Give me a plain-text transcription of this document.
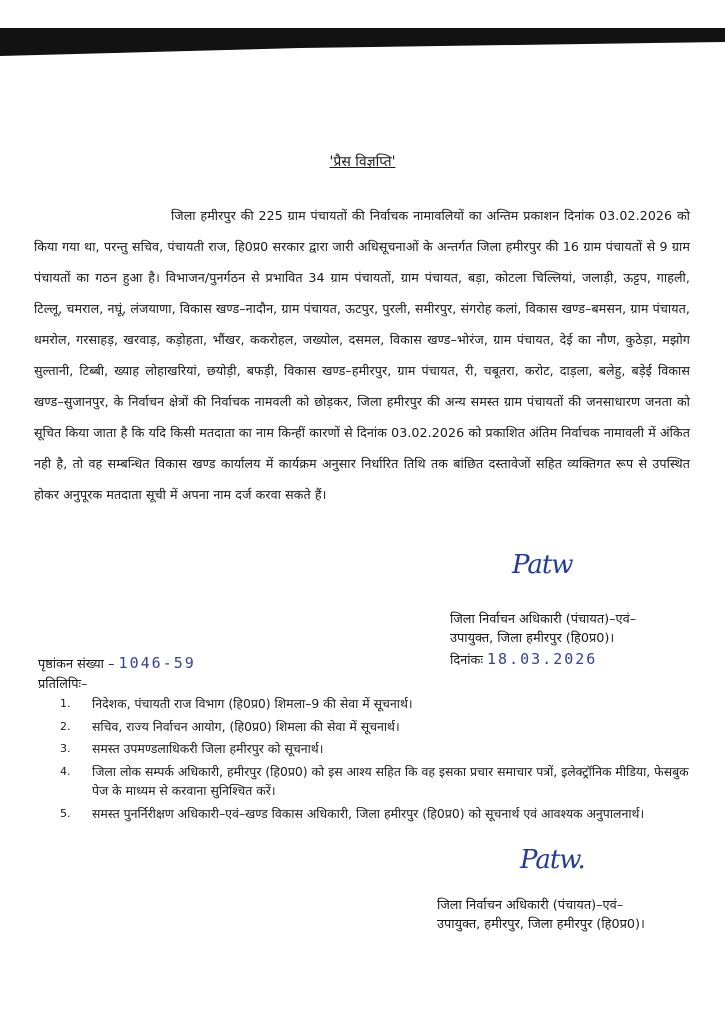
'प्रैस विज्ञप्ति'
जिला हमीरपुर की 225 ग्राम पंचायतों की निर्वाचक नामावलियों का अन्तिम प्रकाशन दिनांक 03.02.2026 को किया गया था, परन्तु सचिव, पंचायती राज, हि0प्र0 सरकार द्वारा जारी अधिसूचनाओं के अन्तर्गत जिला हमीरपुर की 16 ग्राम पंचायतों से 9 ग्राम पंचायतों का गठन हुआ है। विभाजन/पुनर्गठन से प्रभावित 34 ग्राम पंचायतों, ग्राम पंचायत, बड़ा, कोटला चिल्लियां, जलाड़ी, ऊट्टप, गाहली, टिल्लू, चमराल, नघूं, लंजयाणा, विकास खण्ड–नादौन, ग्राम पंचायत, ऊटपुर, पुरली, समीरपुर, संगरोह कलां, विकास खण्ड–बमसन, ग्राम पंचायत, धमरोल, गरसाहड़, खरवाड़, कड़ोहता, भौंखर, ककरोहल, जख्योल, दसमल, विकास खण्ड–भोरंज, ग्राम पंचायत, देई का नौण, कुठेड़ा, मझोग सुल्तानी, टिब्बी, ख्याह लोहाखरियां, छयोड़ी, बफड़ी, विकास खण्ड–हमीरपुर, ग्राम पंचायत, री, चबूतरा, करोट, दाड़ला, बलेहु, बड़ेई विकास खण्ड–सुजानपुर, के निर्वाचन क्षेत्रों की निर्वाचक नामवली को छोड़कर, जिला हमीरपुर की अन्य समस्त ग्राम पंचायतों की जनसाधारण जनता को सूचित किया जाता है कि यदि किसी मतदाता का नाम किन्हीं कारणों से दिनांक 03.02.2026 को प्रकाशित अंतिम निर्वाचक नामावली में अंकित नही है, तो वह सम्बन्धित विकास खण्ड कार्यालय में कार्यक्रम अनुसार निर्धारित तिथि तक बांछित दस्तावेजों सहित व्यक्तिगत रूप से उपस्थित होकर अनुपूरक मतदाता सूची में अपना नाम दर्ज करवा सकते हैं।
Patw
जिला निर्वाचन अधिकारी (पंचायत)–एवं–
उपायुक्त, जिला हमीरपुर (हि0प्र0)।
दिनांकः 18.03.2026
पृष्ठांकन संख्या – 1046-59
प्रतिलिपिः–
1.	निदेशक, पंचायती राज विभाग (हि0प्र0) शिमला–9 की सेवा में सूचनार्थ।
2.	सचिव, राज्य निर्वाचन आयोग, (हि0प्र0) शिमला की सेवा में सूचनार्थ।
3.	समस्त उपमण्डलाधिकरी जिला हमीरपुर को सूचनार्थ।
4.	जिला लोक सम्पर्क अधिकारी, हमीरपुर (हि0प्र0) को इस आश्य सहित कि वह इसका प्रचार समाचार पत्रों, इलेक्ट्रॉनिक मीडिया, फेसबुक पेज के माध्यम से करवाना सुनिश्चित करें।
5.	समस्त पुनर्निरीक्षण अधिकारी–एवं–खण्ड विकास अधिकारी, जिला हमीरपुर (हि0प्र0) को सूचनार्थ एवं आवश्यक अनुपालनार्थ।
Patw.
जिला निर्वाचन अधिकारी (पंचायत)–एवं–
उपायुक्त, हमीरपुर, जिला हमीरपुर (हि0प्र0)।
